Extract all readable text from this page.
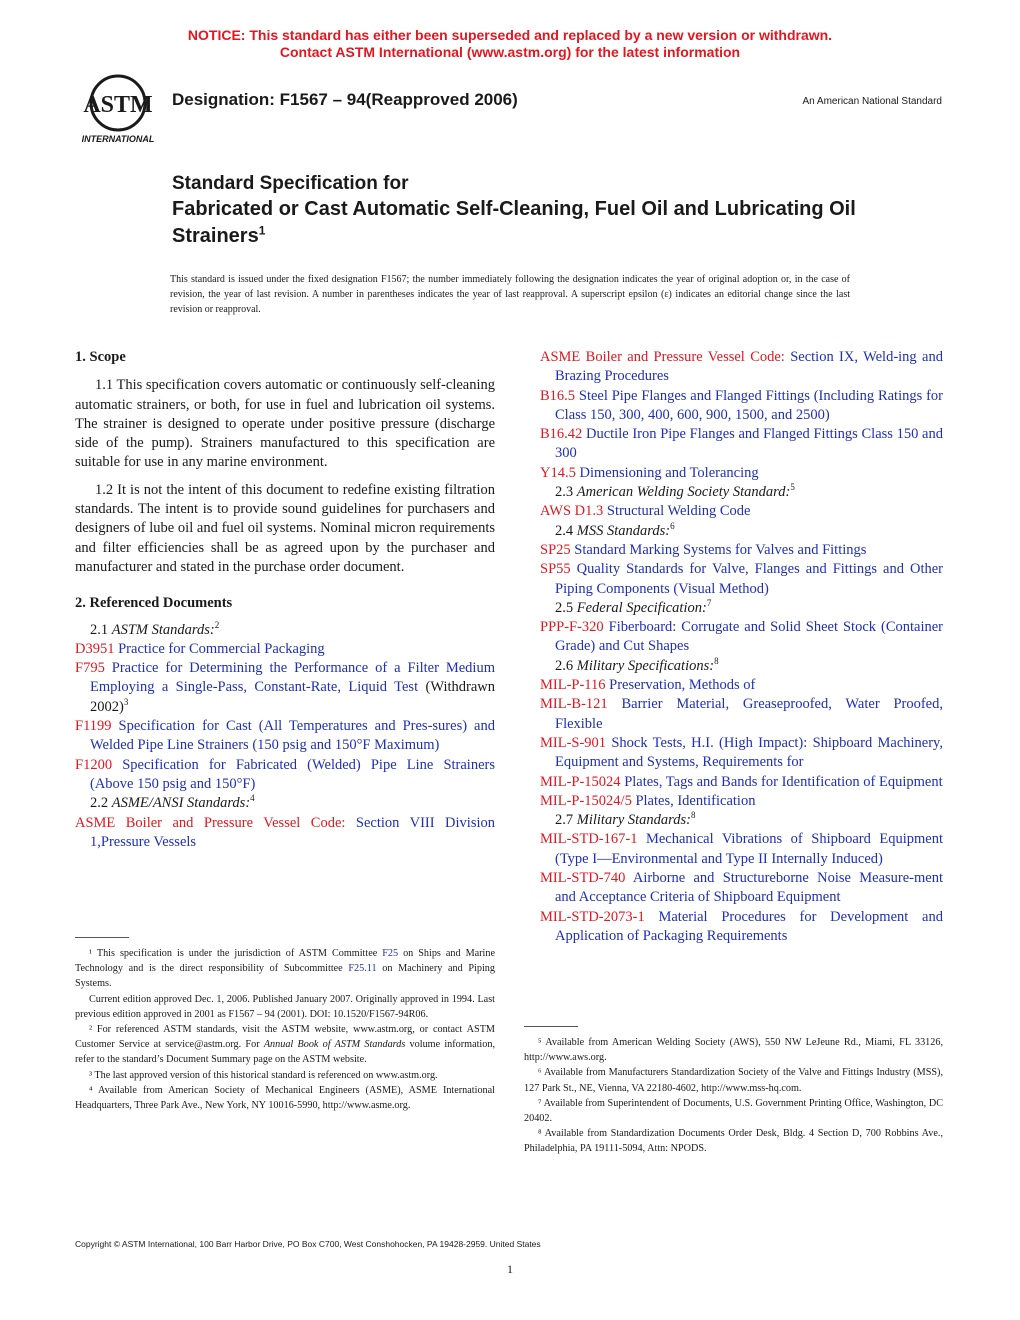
NOTICE: This standard has either been superseded and replaced by a new version or withdrawn.
Contact ASTM International (www.astm.org) for the latest information
ASTM
INTERNATIONAL
Designation: F1567 – 94(Reapproved 2006)	An American National Standard
Standard Specification for
Fabricated or Cast Automatic Self-Cleaning, Fuel Oil and Lubricating Oil Strainers$^1$
This standard is issued under the fixed designation F1567; the number immediately following the designation indicates the year of original adoption or, in the case of revision, the year of last revision. A number in parentheses indicates the year of last reapproval. A superscript epsilon (ε) indicates an editorial change since the last revision or reapproval.

1. Scope

1.1 This specification covers automatic or continuously self-cleaning automatic strainers, or both, for use in fuel and lubrication oil systems. The strainer is designed to operate under positive pressure (discharge side of the pump). Strainers manufactured to this specification are suitable for use in any marine environment.

1.2 It is not the intent of this document to redefine existing filtration standards. The intent is to provide sound guidelines for purchasers and designers of lube oil and fuel oil systems. Nominal micron requirements and filter efficiencies shall be as agreed upon by the purchaser and manufacturer and stated in the purchase order document.

2. Referenced Documents

2.1 ASTM Standards:$^2$

D3951 Practice for Commercial Packaging

F795 Practice for Determining the Performance of a Filter Medium Employing a Single-Pass, Constant-Rate, Liquid Test (Withdrawn 2002)$^3$

F1199 Specification for Cast (All Temperatures and Pres-sures) and Welded Pipe Line Strainers (150 psig and 150°F Maximum)

F1200 Specification for Fabricated (Welded) Pipe Line Strainers (Above 150 psig and 150°F)

2.2 ASME/ANSI Standards:$^4$

ASME Boiler and Pressure Vessel Code: Section VIII Division 1,Pressure Vessels

ASME Boiler and Pressure Vessel Code: Section IX, Weld-ing and Brazing Procedures

B16.5 Steel Pipe Flanges and Flanged Fittings (Including Ratings for Class 150, 300, 400, 600, 900, 1500, and 2500)

B16.42 Ductile Iron Pipe Flanges and Flanged Fittings Class 150 and 300

Y14.5 Dimensioning and Tolerancing

2.3 American Welding Society Standard:$^5$

AWS D1.3 Structural Welding Code

2.4 MSS Standards:$^6$

SP25 Standard Marking Systems for Valves and Fittings

SP55 Quality Standards for Valve, Flanges and Fittings and Other Piping Components (Visual Method)

2.5 Federal Specification:$^7$

PPP-F-320 Fiberboard: Corrugate and Solid Sheet Stock (Container Grade) and Cut Shapes

2.6 Military Specifications:$^8$

MIL-P-116 Preservation, Methods of

MIL-B-121 Barrier Material, Greaseproofed, Water Proofed, Flexible

MIL-S-901 Shock Tests, H.I. (High Impact): Shipboard Machinery, Equipment and Systems, Requirements for

MIL-P-15024 Plates, Tags and Bands for Identification of Equipment

MIL-P-15024/5 Plates, Identification

2.7 Military Standards:$^8$

MIL-STD-167-1 Mechanical Vibrations of Shipboard Equipment (Type I—Environmental and Type II Internally Induced)

MIL-STD-740 Airborne and Structureborne Noise Measure-ment and Acceptance Criteria of Shipboard Equipment

MIL-STD-2073-1 Material Procedures for Development and Application of Packaging Requirements

¹ This specification is under the jurisdiction of ASTM Committee F25 on Ships and Marine Technology and is the direct responsibility of Subcommittee F25.11 on Machinery and Piping Systems.

Current edition approved Dec. 1, 2006. Published January 2007. Originally approved in 1994. Last previous edition approved in 2001 as F1567 – 94 (2001). DOI: 10.1520/F1567-94R06.

² For referenced ASTM standards, visit the ASTM website, www.astm.org, or contact ASTM Customer Service at service@astm.org. For Annual Book of ASTM Standards volume information, refer to the standard’s Document Summary page on the ASTM website.

³ The last approved version of this historical standard is referenced on www.astm.org.

⁴ Available from American Society of Mechanical Engineers (ASME), ASME International Headquarters, Three Park Ave., New York, NY 10016-5990, http://www.asme.org.

⁵ Available from American Welding Society (AWS), 550 NW LeJeune Rd., Miami, FL 33126, http://www.aws.org.

⁶ Available from Manufacturers Standardization Society of the Valve and Fittings Industry (MSS), 127 Park St., NE, Vienna, VA 22180-4602, http://www.mss-hq.com.

⁷ Available from Superintendent of Documents, U.S. Government Printing Office, Washington, DC 20402.

⁸ Available from Standardization Documents Order Desk, Bldg. 4 Section D, 700 Robbins Ave., Philadelphia, PA 19111-5094, Attn: NPODS.

Copyright © ASTM International, 100 Barr Harbor Drive, PO Box C700, West Conshohocken, PA 19428-2959. United States
1
